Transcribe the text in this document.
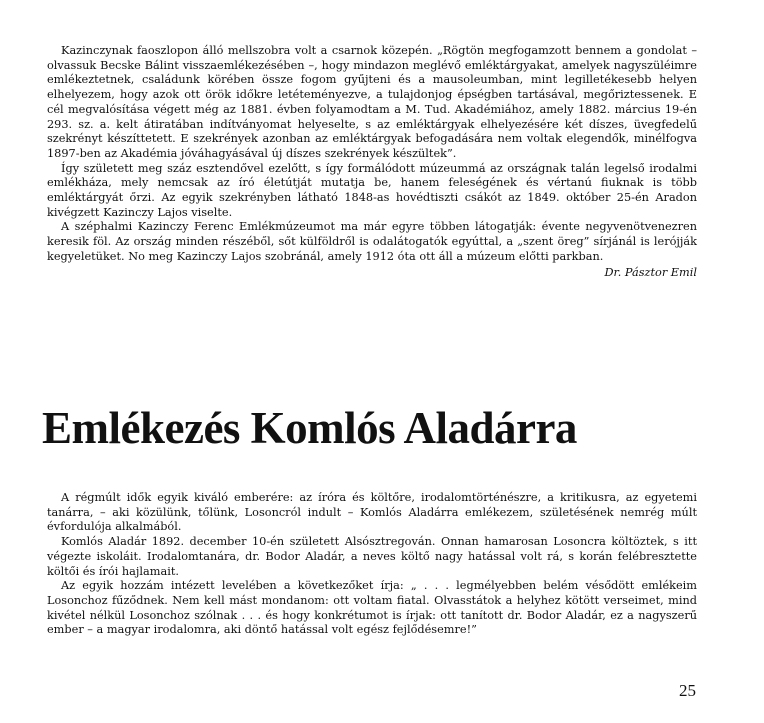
Kazinczynak faoszlopon álló mellszobra volt a csarnok közepén. „Rögtön megfogamzott bennem a gondolat – olvassuk Becske Bálint visszaemlékezésében –, hogy mindazon meglévő emléktárgyakat, amelyek nagyszüléimre emlékeztetnek, családunk körében össze fogom gyűjteni és a mausoleumban, mint legilletékesebb helyen elhelyezem, hogy azok ott örök időkre letéteményezve, a tulajdonjog épségben tartásával, megőriztessenek. E cél megvalósítása végett még az 1881. évben folyamodtam a M. Tud. Akadémiához, amely 1882. március 19-én 293. sz. a. kelt átiratában indítványomat helyeselte, s az emléktárgyak elhelyezésére két díszes, üvegfedelű szekrényt készíttetett. E szekrények azonban az emléktárgyak befogadására nem voltak elegendők, minélfogva 1897-ben az Akadémia jóváhagyásával új díszes szekrények készültek”.

Így született meg száz esztendővel ezelőtt, s így formálódott múzeummá az országnak talán legelső irodalmi emlékháza, mely nemcsak az író életútját mutatja be, hanem feleségének és vértanú fiuknak is több emléktárgyát őrzi. Az egyik szekrényben látható 1848-as hovédtiszti csákót az 1849. október 25-én Aradon kivégzett Kazinczy Lajos viselte.

A széphalmi Kazinczy Ferenc Emlékmúzeumot ma már egyre többen látogatják: évente negyvenötvenezren keresik föl. Az ország minden részéből, sőt külföldről is odalátogatók egyúttal, a „szent öreg” sírjánál is lerójják kegyeletüket. No meg Kazinczy Lajos szobránál, amely 1912 óta ott áll a múzeum előtti parkban.

Dr. Pásztor Emil

Emlékezés Komlós Aladárra

A régmúlt idők egyik kiváló emberére: az íróra és költőre, irodalomtörténészre, a kritikusra, az egyetemi tanárra, – aki közülünk, tőlünk, Losoncról indult – Komlós Aladárra emlékezem, születésének nemrég múlt évfordulója alkalmából.

Komlós Aladár 1892. december 10-én született Alsósztregován. Onnan hamarosan Losoncra költöztek, s itt végezte iskoláit. Irodalomtanára, dr. Bodor Aladár, a neves költő nagy hatással volt rá, s korán felébresztette költői és írói hajlamait.

Az egyik hozzám intézett levelében a következőket írja: „ . . . legmélyebben belém vésődött emlékeim Losonchoz fűződnek. Nem kell mást mondanom: ott voltam fiatal. Olvasstátok a helyhez kötött verseimet, mind kivétel nélkül Losonchoz szólnak . . . és hogy konkrétumot is írjak: ott tanított dr. Bodor Aladár, ez a nagyszerű ember – a magyar irodalomra, aki döntő hatással volt egész fejlődésemre!”

25
